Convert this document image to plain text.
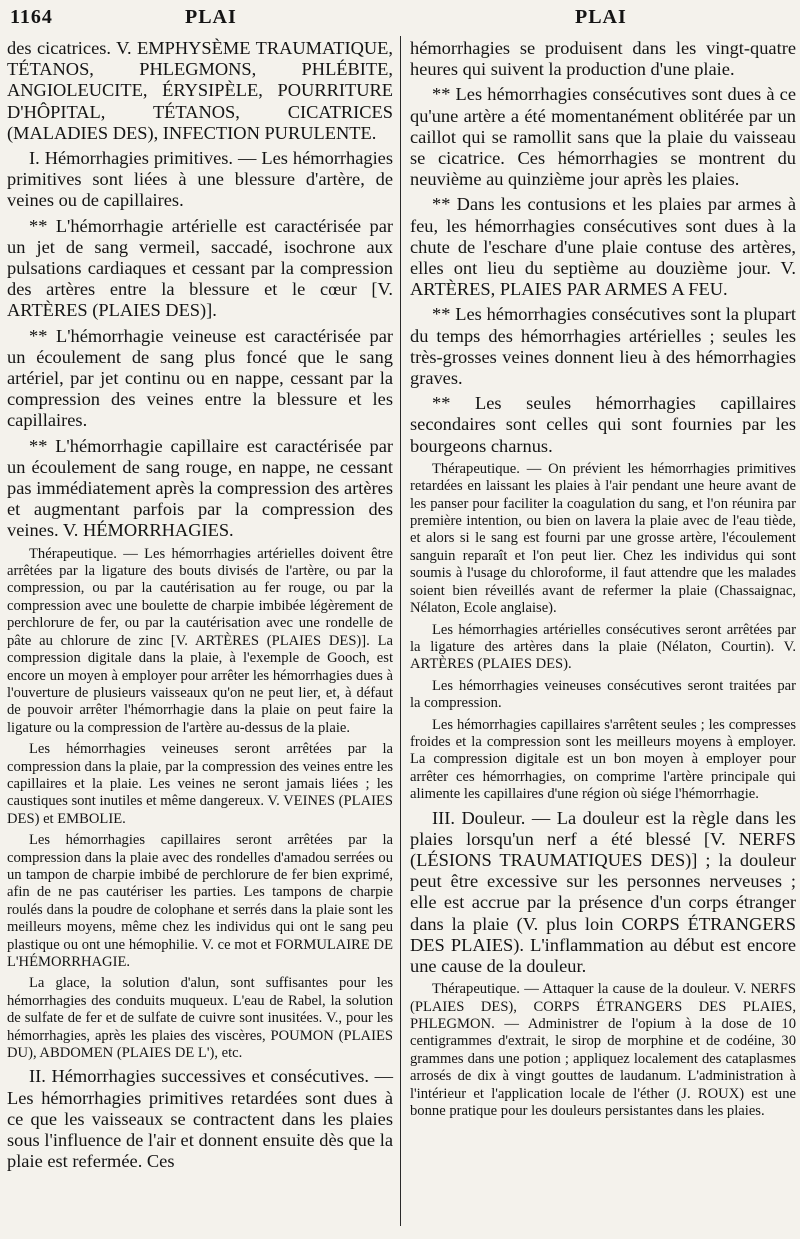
1164	PLAI	PLAI

des cicatrices. V. EMPHYSÈME TRAUMATIQUE, TÉTANOS, PHLEGMONS, PHLÉBITE, ANGIOLEUCITE, ÉRYSIPÈLE, POURRITURE D'HÔPITAL, TÉTANOS, CICATRICES (MALADIES DES), INFECTION PURULENTE.

I. Hémorrhagies primitives. — Les hémorrhagies primitives sont liées à une blessure d'artère, de veines ou de capillaires.

** L'hémorrhagie artérielle est caractérisée par un jet de sang vermeil, saccadé, isochrone aux pulsations cardiaques et cessant par la compression des artères entre la blessure et le cœur [V. ARTÈRES (PLAIES DES)].

** L'hémorrhagie veineuse est caractérisée par un écoulement de sang plus foncé que le sang artériel, par jet continu ou en nappe, cessant par la compression des veines entre la blessure et les capillaires.

** L'hémorrhagie capillaire est caractérisée par un écoulement de sang rouge, en nappe, ne cessant pas immédiatement après la compression des artères et augmentant parfois par la compression des veines. V. HÉMORRHAGIES.

Thérapeutique. — Les hémorrhagies artérielles doivent être arrêtées par la ligature des bouts divisés de l'artère, ou par la compression, ou par la cautérisation au fer rouge, ou par la compression avec une boulette de charpie imbibée légèrement de perchlorure de fer, ou par la cautérisation avec une rondelle de pâte au chlorure de zinc [V. ARTÈRES (PLAIES DES)]. La compression digitale dans la plaie, à l'exemple de Gooch, est encore un moyen à employer pour arrêter les hémorrhagies dues à l'ouverture de plusieurs vaisseaux qu'on ne peut lier, et, à défaut de pouvoir arrêter l'hémorrhagie dans la plaie on peut faire la ligature ou la compression de l'artère au-dessus de la plaie.

Les hémorrhagies veineuses seront arrêtées par la compression dans la plaie, par la compression des veines entre les capillaires et la plaie. Les veines ne seront jamais liées ; les caustiques sont inutiles et même dangereux. V. VEINES (PLAIES DES) et EMBOLIE.

Les hémorrhagies capillaires seront arrêtées par la compression dans la plaie avec des rondelles d'amadou serrées ou un tampon de charpie imbibé de perchlorure de fer bien exprimé, afin de ne pas cautériser les parties. Les tampons de charpie roulés dans la poudre de colophane et serrés dans la plaie sont les meilleurs moyens, même chez les individus qui ont le sang peu plastique ou ont une hémophilie. V. ce mot et FORMULAIRE DE L'HÉMORRHAGIE.

La glace, la solution d'alun, sont suffisantes pour les hémorrhagies des conduits muqueux. L'eau de Rabel, la solution de sulfate de fer et de sulfate de cuivre sont inusitées. V., pour les hémorrhagies, après les plaies des viscères, POUMON (PLAIES DU), ABDOMEN (PLAIES DE L'), etc.

II. Hémorrhagies successives et consécutives. — Les hémorrhagies primitives retardées sont dues à ce que les vaisseaux se contractent dans les plaies sous l'influence de l'air et donnent ensuite dès que la plaie est refermée. Ces

hémorrhagies se produisent dans les vingt-quatre heures qui suivent la production d'une plaie.

** Les hémorrhagies consécutives sont dues à ce qu'une artère a été momentanément oblitérée par un caillot qui se ramollit sans que la plaie du vaisseau se cicatrice. Ces hémorrhagies se montrent du neuvième au quinzième jour après les plaies.

** Dans les contusions et les plaies par armes à feu, les hémorrhagies consécutives sont dues à la chute de l'eschare d'une plaie contuse des artères, elles ont lieu du septième au douzième jour. V. ARTÈRES, PLAIES PAR ARMES A FEU.

** Les hémorrhagies consécutives sont la plupart du temps des hémorrhagies artérielles ; seules les très-grosses veines donnent lieu à des hémorrhagies graves.

** Les seules hémorrhagies capillaires secondaires sont celles qui sont fournies par les bourgeons charnus.

Thérapeutique. — On prévient les hémorrhagies primitives retardées en laissant les plaies à l'air pendant une heure avant de les panser pour faciliter la coagulation du sang, et l'on réunira par première intention, ou bien on lavera la plaie avec de l'eau tiède, et alors si le sang est fourni par une grosse artère, l'écoulement sanguin reparaît et l'on peut lier. Chez les individus qui sont soumis à l'usage du chloroforme, il faut attendre que les malades soient bien réveillés avant de refermer la plaie (Chassaignac, Nélaton, Ecole anglaise).

Les hémorrhagies artérielles consécutives seront arrêtées par la ligature des artères dans la plaie (Nélaton, Courtin). V. ARTÈRES (PLAIES DES).

Les hémorrhagies veineuses consécutives seront traitées par la compression.

Les hémorrhagies capillaires s'arrêtent seules ; les compresses froides et la compression sont les meilleurs moyens à employer. La compression digitale est un bon moyen à employer pour arrêter ces hémorrhagies, on comprime l'artère principale qui alimente les capillaires d'une région où siége l'hémorrhagie.

III. Douleur. — La douleur est la règle dans les plaies lorsqu'un nerf a été blessé [V. NERFS (LÉSIONS TRAUMATIQUES DES)] ; la douleur peut être excessive sur les personnes nerveuses ; elle est accrue par la présence d'un corps étranger dans la plaie (V. plus loin CORPS ÉTRANGERS DES PLAIES). L'inflammation au début est encore une cause de la douleur.

Thérapeutique. — Attaquer la cause de la douleur. V. NERFS (PLAIES DES), CORPS ÉTRANGERS DES PLAIES, PHLEGMON. — Administrer de l'opium à la dose de 10 centigrammes d'extrait, le sirop de morphine et de codéine, 30 grammes dans une potion ; appliquez localement des cataplasmes arrosés de dix à vingt gouttes de laudanum. L'administration à l'intérieur et l'application locale de l'éther (J. ROUX) est une bonne pratique pour les douleurs persistantes dans les plaies.
